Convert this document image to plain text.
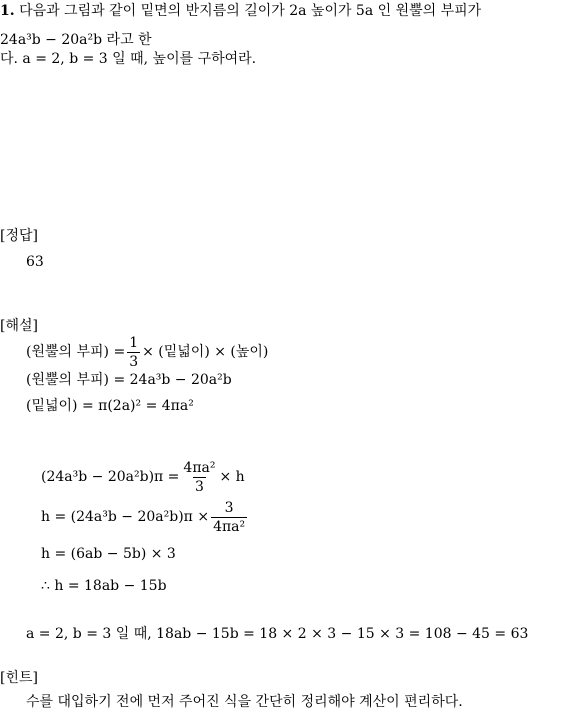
1. 다음과 그림과 같이 밑면의 반지름의 길이가 2a 높이가 5a 인 원뿔의 부피가
24a³b − 20a²b 라고 한
다. a = 2, b = 3 일 때, 높이를 구하여라.
[정답]
63
[해설]
(원뿔의 부피) = $\frac{1}{3}$ × (밑넓이) × (높이)
(원뿔의 부피) = 24a³b − 20a²b
(밑넓이) = π(2a)² = 4πa²
$(24a^3b - 20a^2b)\pi = \frac{\text{4πa²}}{3} \times h$
$h = (24a^3b - 20a^2b)\pi \times \frac{3}{\text{4πa²}}$
h = (6ab − 5b) × 3
∴ h = 18ab − 15b
a = 2, b = 3 일 때, 18ab − 15b = 18 × 2 × 3 − 15 × 3 = 108 − 45 = 63
[힌트]
수를 대입하기 전에 먼저 주어진 식을 간단히 정리해야 계산이 편리하다.
